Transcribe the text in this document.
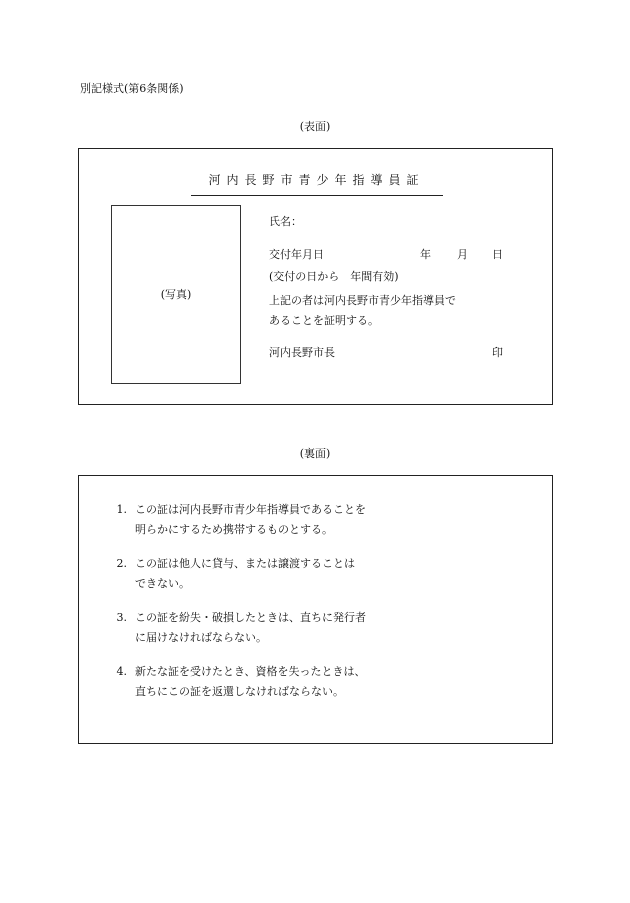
別記様式(第6条関係)
(表面)
河内長野市青少年指導員証
(写真)
氏名：
交付年月日	年 月 日
(交付の日から　年間有効)
上記の者は河内長野市青少年指導員で
あることを証明する。
河内長野市長	印
(裏面)
1. この証は河内長野市青少年指導員であることを
明らかにするため携帯するものとする。
2. この証は他人に貸与、または譲渡することは
できない。
3. この証を紛失・破損したときは、直ちに発行者
に届けなければならない。
4. 新たな証を受けたとき、資格を失ったときは、
直ちにこの証を返還しなければならない。
